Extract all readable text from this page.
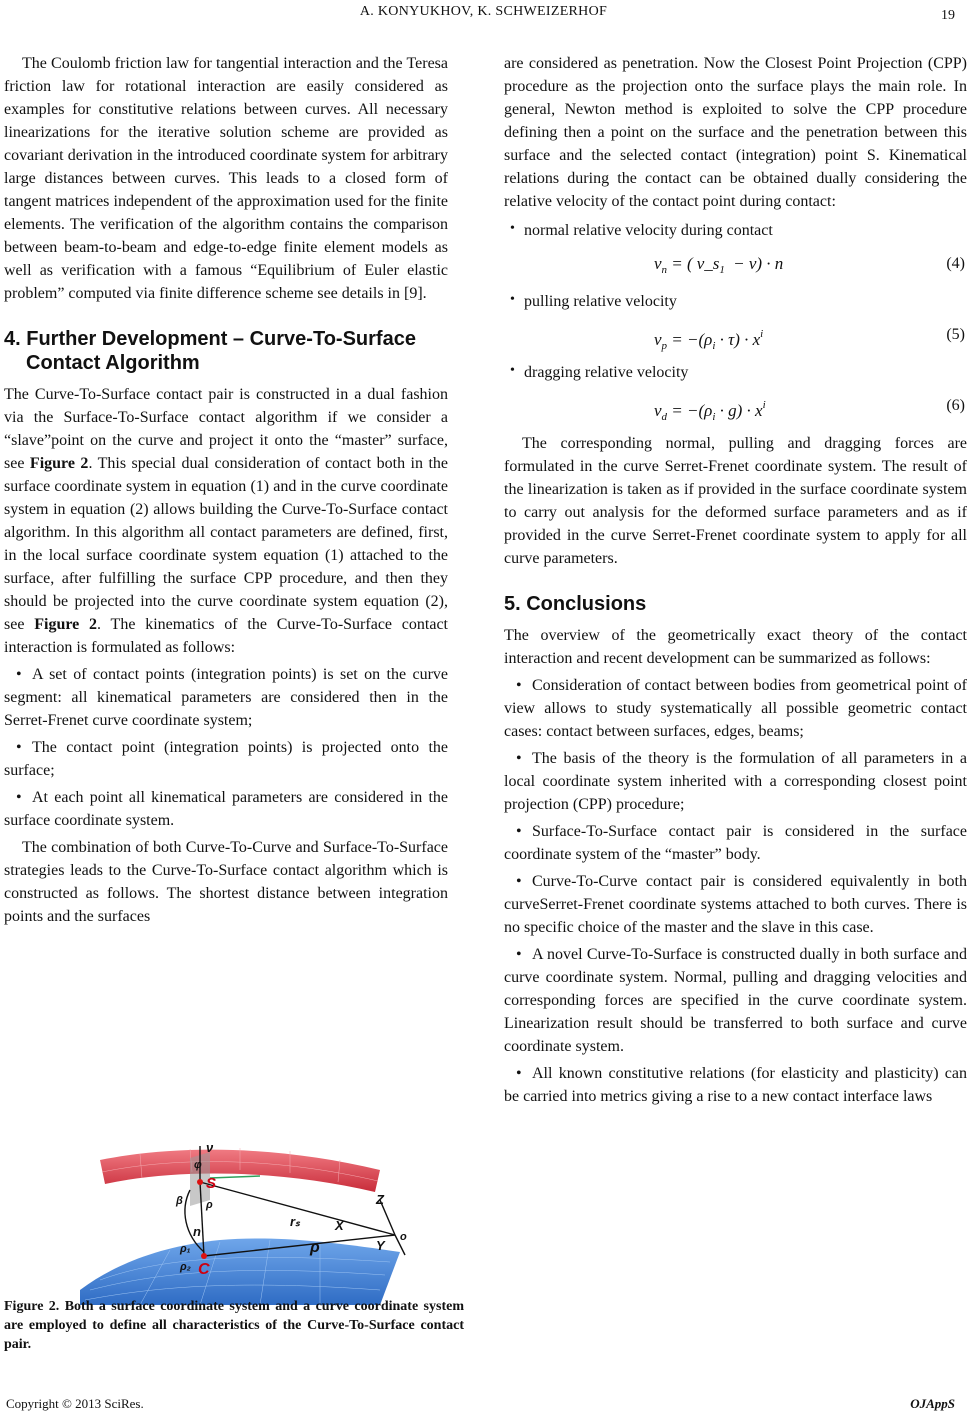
A. KONYUKHOV, K. SCHWEIZERHOF	19

The Coulomb friction law for tangential interaction and the Teresa friction law for rotational interaction are easily considered as examples for constitutive relations between curves. All necessary linearizations for the iterative solution scheme are provided as covariant derivation in the introduced coordinate system for arbitrary large distances between curves. This leads to a closed form of tangent matrices independent of the approximation used for the finite elements. The verification of the algorithm contains the comparison between beam-to-beam and edge-to-edge finite element models as well as verification with a famous “Equilibrium of Euler elastic problem” computed via finite difference scheme see details in [9].

4. Further Development – Curve-To-Surface
Contact Algorithm

The Curve-To-Surface contact pair is constructed in a dual fashion via the Surface-To-Surface contact algorithm if we consider a “slave”point on the curve and project it onto the “master” surface, see Figure 2. This special dual consideration of contact both in the surface coordinate system in equation (1) and in the curve coordinate system in equation (2) allows building the Curve-To-Surface contact algorithm. In this algorithm all contact parameters are defined, first, in the local surface coordinate system equation (1) attached to the surface, after fulfilling the surface CPP procedure, and then they should be projected into the curve coordinate system equation (2), see Figure 2. The kinematics of the Curve-To-Surface contact interaction is formulated as follows:

• A set of contact points (integration points) is set on the curve segment: all kinematical parameters are considered then in the Serret-Frenet curve coordinate system;
• The contact point (integration points) is projected onto the surface;
• At each point all kinematical parameters are considered in the surface coordinate system.

The combination of both Curve-To-Curve and Surface-To-Surface strategies leads to the Curve-To-Surface contact algorithm which is constructed as follows. The shortest distance between integration points and the surfaces

ν
φ
β
S
ρ
n
C
ρ₁
ρ₂
rₛ
ρ
X
Y
Z
o
Figure 2. Both a surface coordinate system and a curve coordinate system are employed to define all characteristics of the Curve-To-Surface contact pair.

are considered as penetration. Now the Closest Point Projection (CPP) procedure as the projection onto the surface plays the main role. In general, Newton method is exploited to solve the CPP procedure defining then a point on the surface and the penetration between this surface and the selected contact (integration) point S. Kinematical relations during the contact can be obtained dually considering the relative velocity of the contact point during contact:

• normal relative velocity during contact
$v_n$ = ( $v\_s_1 - v) \cdot n$	(4)
• pulling relative velocity
$v_p = -(\rho_i \cdot \tau) \cdot x^i$	(5)
• dragging relative velocity
$v_d = -(\rho_i \cdot g) \cdot x^i$	(6)

The corresponding normal, pulling and dragging forces are formulated in the curve Serret-Frenet coordinate system. The result of the linearization is taken as if provided in the surface coordinate system to carry out analysis for the deformed surface parameters and as if provided in the curve Serret-Frenet coordinate system to apply for all curve parameters.

5. Conclusions

The overview of the geometrically exact theory of the contact interaction and recent development can be summarized as follows:

• Consideration of contact between bodies from geometrical point of view allows to study systematically all possible geometric contact cases: contact between surfaces, edges, beams;
• The basis of the theory is the formulation of all parameters in a local coordinate system inherited with a corresponding closest point projection (CPP) procedure;
• Surface-To-Surface contact pair is considered in the surface coordinate system of the “master” body.
• Curve-To-Curve contact pair is considered equivalently in both curveSerret-Frenet coordinate systems attached to both curves. There is no specific choice of the master and the slave in this case.
• A novel Curve-To-Surface is constructed dually in both surface and curve coordinate system. Normal, pulling and dragging velocities and corresponding forces are specified in the curve coordinate system. Linearization result should be transferred to both surface and curve coordinate system.
• All known constitutive relations (for elasticity and plasticity) can be carried into metrics giving a rise to a new contact interface laws
Copyright © 2013 SciRes.	OJAppS
